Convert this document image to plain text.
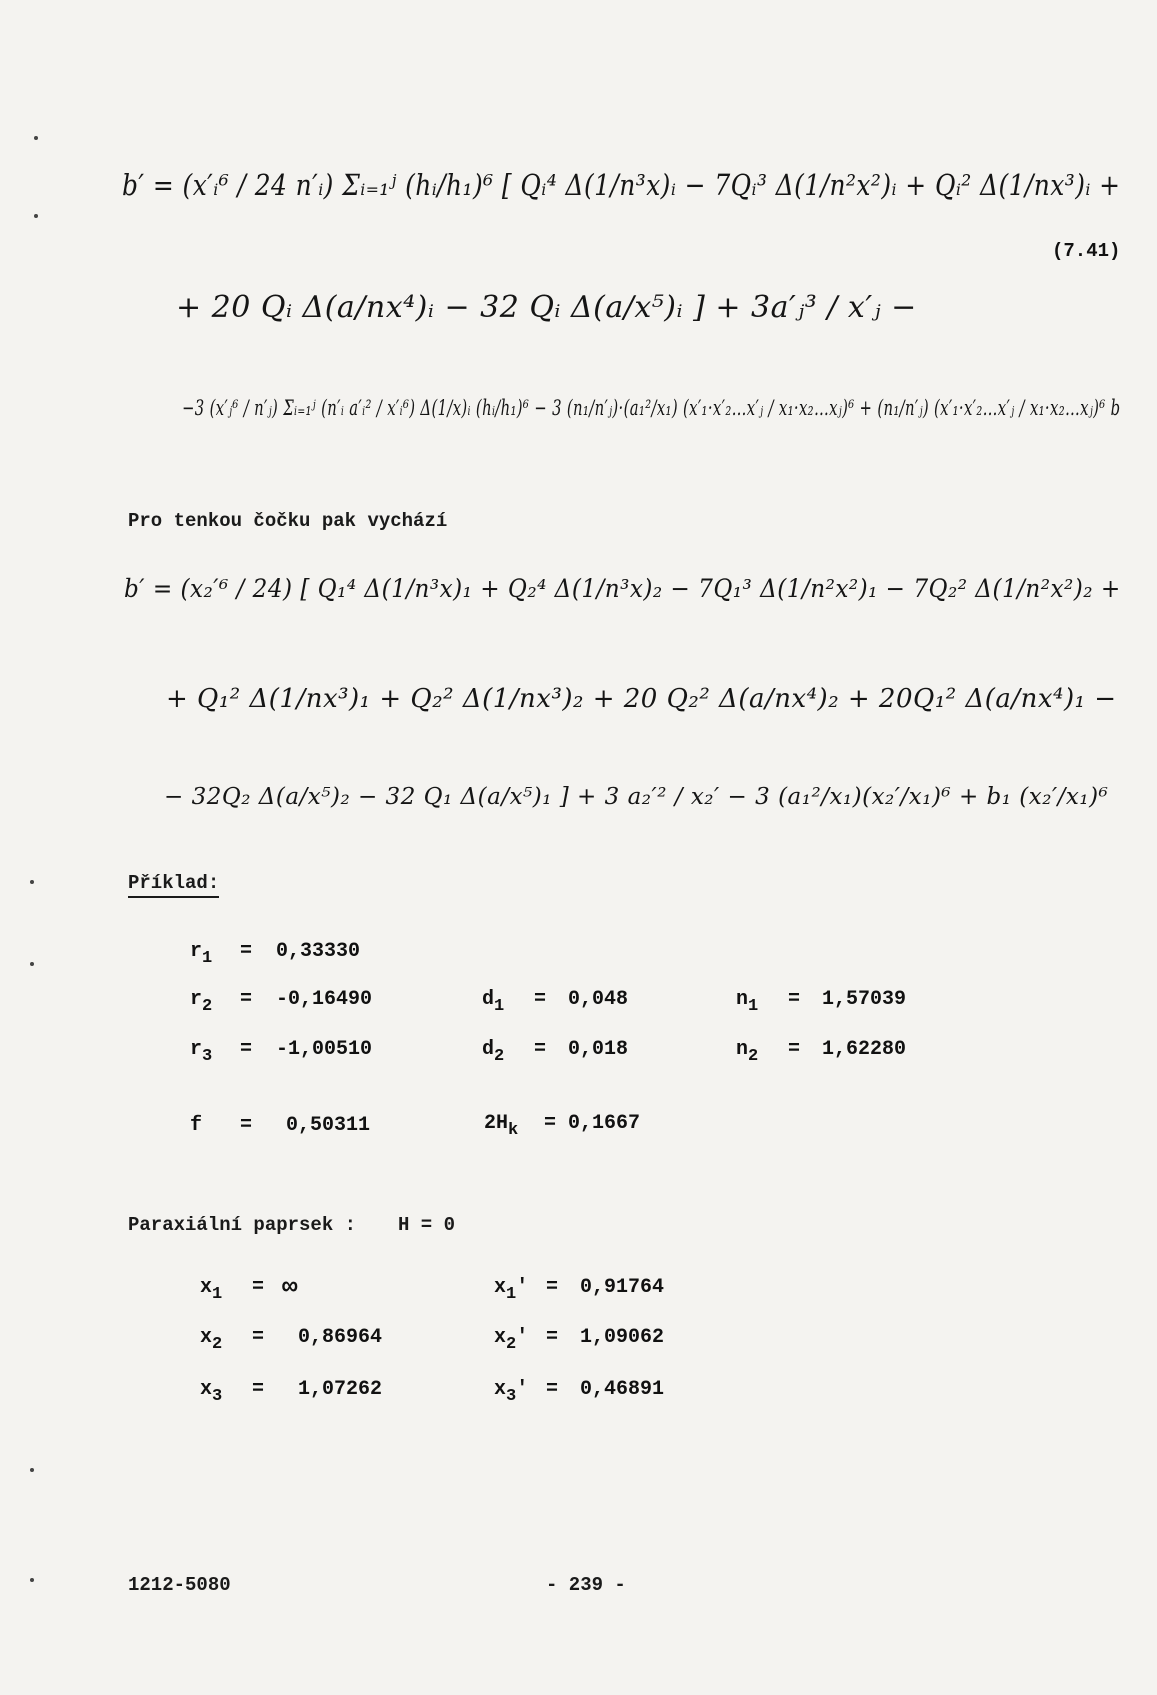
b′ = (x′ᵢ⁶ / 24 n′ᵢ) Σᵢ₌₁ʲ (hᵢ/h₁)⁶ [ Qᵢ⁴ Δ(1/n³x)ᵢ − 7Qᵢ³ Δ(1/n²x²)ᵢ + Qᵢ² Δ(1/nx³)ᵢ +
(7.41)
+ 20 Qᵢ Δ(a/nx⁴)ᵢ − 32 Qᵢ Δ(a/x⁵)ᵢ ] + 3a′ⱼ³ / x′ⱼ −
−3 (x′ⱼ⁶ / n′ⱼ) Σᵢ₌₁ʲ (n′ᵢ a′ᵢ² / x′ᵢ⁶) Δ(1/x)ᵢ (hᵢ/h₁)⁶ − 3 (n₁/n′ⱼ)·(a₁²/x₁) (x′₁·x′₂…x′ⱼ / x₁·x₂…xⱼ)⁶ + (n₁/n′ⱼ) (x′₁·x′₂…x′ⱼ / x₁·x₂…xⱼ)⁶ b
Pro tenkou čočku pak vychází
b′ = (x₂′⁶ / 24) [ Q₁⁴ Δ(1/n³x)₁ + Q₂⁴ Δ(1/n³x)₂ − 7Q₁³ Δ(1/n²x²)₁ − 7Q₂² Δ(1/n²x²)₂ +
+ Q₁² Δ(1/nx³)₁ + Q₂² Δ(1/nx³)₂ + 20 Q₂² Δ(a/nx⁴)₂ + 20Q₁² Δ(a/nx⁴)₁ −
− 32Q₂ Δ(a/x⁵)₂ − 32 Q₁ Δ(a/x⁵)₁ ] + 3 a₂′² / x₂′ − 3 (a₁²/x₁)(x₂′/x₁)⁶ + b₁ (x₂′/x₁)⁶
Příklad:
$r_1 = 0,33330$
$r_2 = -0,16490$
$r_3 = -1,00510$
f = 0,50311
$d_1 = 0,048$
$d_2 = 0,018$
$2H_k = 0,1667$
$n_1 = 1,57039$
$n_2 = 1,62280$
Paraxiální paprsek : H = 0
$x_1$ = ∞
$x_2 = 0,86964$
$x_3 = 1,07262$
$x_1' = 0,91764$
$x_2' = 1,09062$
$x_3' = 0,46891$
1212-5080	- 239 -
